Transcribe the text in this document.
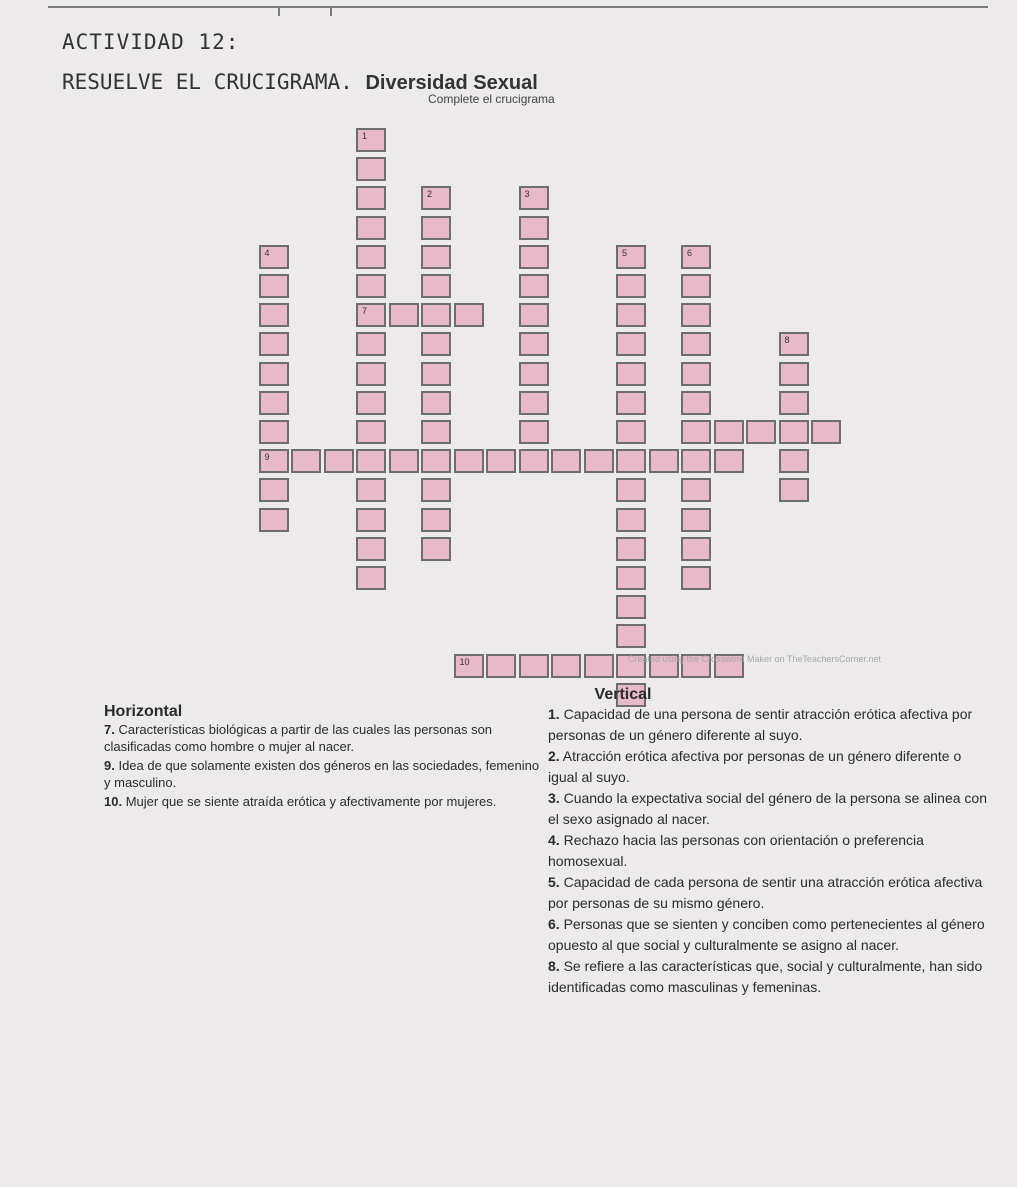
ACTIVIDAD 12:
RESUELVE EL CRUCIGRAMA. Diversidad Sexual
Complete el crucigrama
1
7
2	3
4
9
5	6
8
10	Created using the Crossword Maker on TheTeachersCorner.net
Horizontal
7. Características biológicas a partir de las cuales las personas son clasificadas como hombre o mujer al nacer.
9. Idea de que solamente existen dos géneros en las sociedades, femenino y masculino.
10. Mujer que se siente atraída erótica y afectivamente por mujeres.
Vertical
1. Capacidad de una persona de sentir atracción erótica afectiva por personas de un género diferente al suyo.
2. Atracción erótica afectiva por personas de un género diferente o igual al suyo.
3. Cuando la expectativa social del género de la persona se alinea con el sexo asignado al nacer.
4. Rechazo hacia las personas con orientación o preferencia homosexual.
5. Capacidad de cada persona de sentir una atracción erótica afectiva por personas de su mismo género.
6. Personas que se sienten y conciben como pertenecientes al género opuesto al que social y culturalmente se asigno al nacer.
8. Se refiere a las características que, social y culturalmente, han sido identificadas como masculinas y femeninas.
